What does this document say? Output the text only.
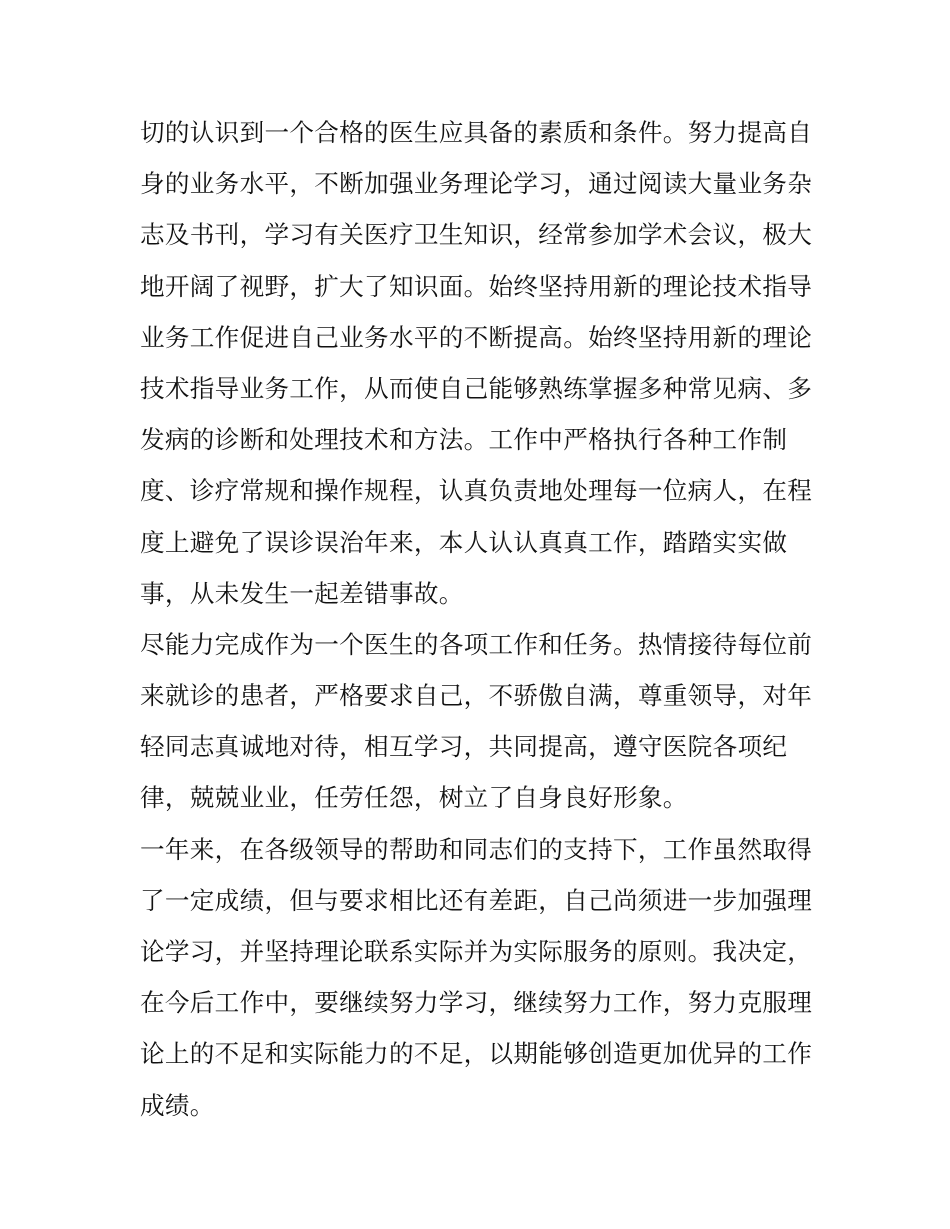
切的认识到一个合格的医生应具备的素质和条件。努力提高自
身的业务水平，不断加强业务理论学习，通过阅读大量业务杂
志及书刊，学习有关医疗卫生知识，经常参加学术会议，极大
地开阔了视野，扩大了知识面。始终坚持用新的理论技术指导
业务工作促进自己业务水平的不断提高。始终坚持用新的理论
技术指导业务工作，从而使自己能够熟练掌握多种常见病、多
发病的诊断和处理技术和方法。工作中严格执行各种工作制
度、诊疗常规和操作规程，认真负责地处理每一位病人，在程
度上避免了误诊误治年来，本人认认真真工作，踏踏实实做
事，从未发生一起差错事故。
尽能力完成作为一个医生的各项工作和任务。热情接待每位前
来就诊的患者，严格要求自己，不骄傲自满，尊重领导，对年
轻同志真诚地对待，相互学习，共同提高，遵守医院各项纪
律，兢兢业业，任劳任怨，树立了自身良好形象。
一年来，在各级领导的帮助和同志们的支持下，工作虽然取得
了一定成绩，但与要求相比还有差距，自己尚须进一步加强理
论学习，并坚持理论联系实际并为实际服务的原则。我决定，
在今后工作中，要继续努力学习，继续努力工作，努力克服理
论上的不足和实际能力的不足，以期能够创造更加优异的工作
成绩。
